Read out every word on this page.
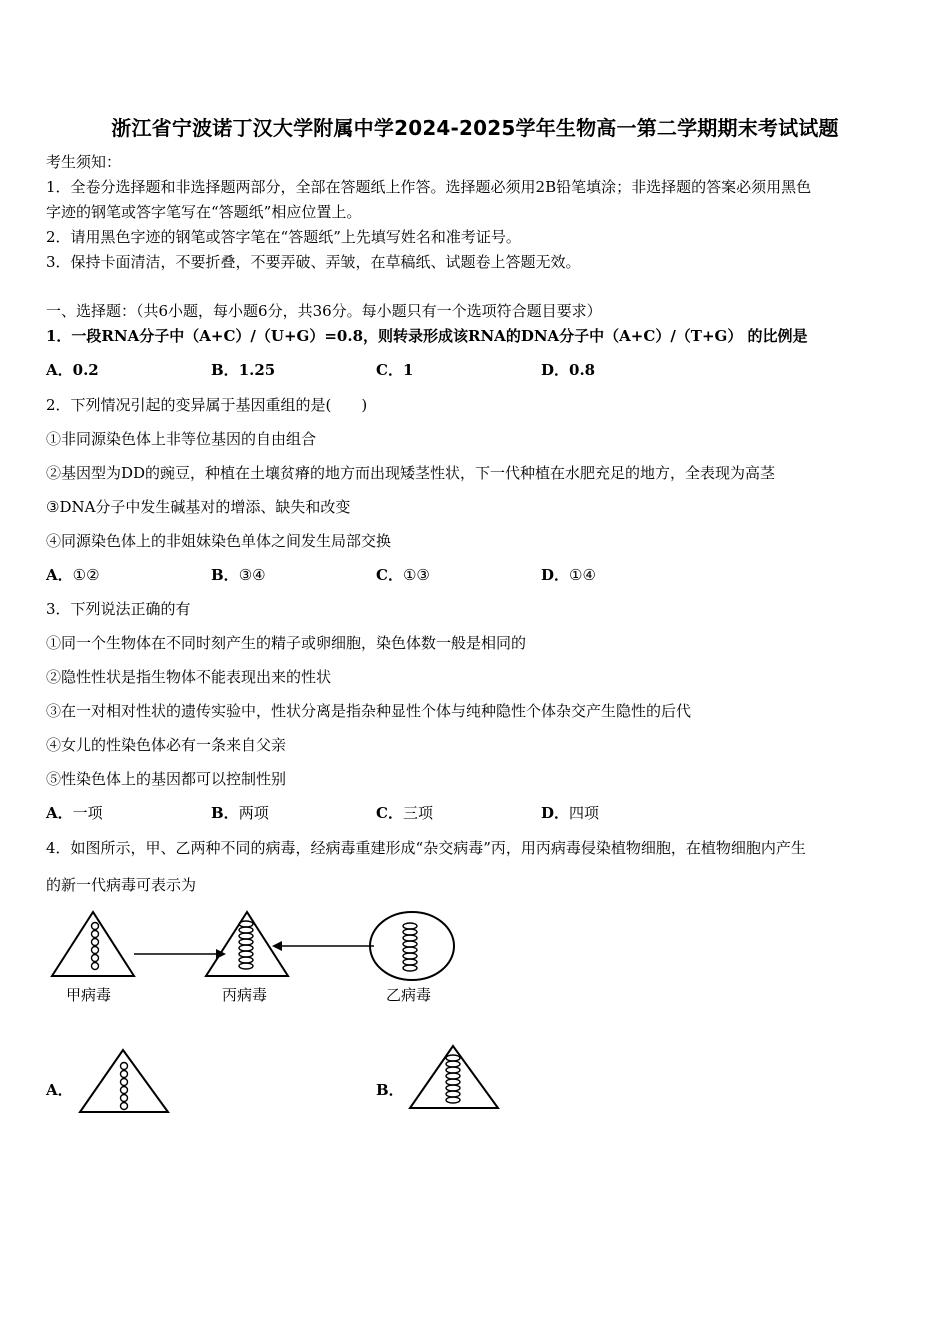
浙江省宁波诺丁汉大学附属中学2024-2025学年生物高一第二学期期末考试试题
考生须知：
1．全卷分选择题和非选择题两部分，全部在答题纸上作答。选择题必须用2B铅笔填涂；非选择题的答案必须用黑色
字迹的钢笔或答字笔写在“答题纸”相应位置上。
2．请用黑色字迹的钢笔或答字笔在“答题纸”上先填写姓名和准考证号。
3．保持卡面清洁，不要折叠，不要弄破、弄皱，在草稿纸、试题卷上答题无效。
一、选择题：（共6小题，每小题6分，共36分。每小题只有一个选项符合题目要求）
1．一段RNA分子中（A+C）/（U+G）=0.8，则转录形成该RNA的DNA分子中（A+C）/（T+G） 的比例是
A．0.2	B．1.25	C．1	D．0.8
2．下列情况引起的变异属于基因重组的是(　　)
①非同源染色体上非等位基因的自由组合
②基因型为DD的豌豆，种植在土壤贫瘠的地方而出现矮茎性状，下一代种植在水肥充足的地方，全表现为高茎
③DNA分子中发生碱基对的增添、缺失和改变
④同源染色体上的非姐妹染色单体之间发生局部交换
A．①②	B．③④	C．①③	D．①④
3．下列说法正确的有
①同一个生物体在不同时刻产生的精子或卵细胞，染色体数一般是相同的
②隐性性状是指生物体不能表现出来的性状
③在一对相对性状的遗传实验中，性状分离是指杂种显性个体与纯种隐性个体杂交产生隐性的后代
④女儿的性染色体必有一条来自父亲
⑤性染色体上的基因都可以控制性别
A．一项	B．两项	C．三项	D．四项
4．如图所示，甲、乙两种不同的病毒，经病毒重建形成“杂交病毒”丙，用丙病毒侵染植物细胞，在植物细胞内产生
的新一代病毒可表示为
甲病毒	丙病毒	乙病毒
A．	B．
